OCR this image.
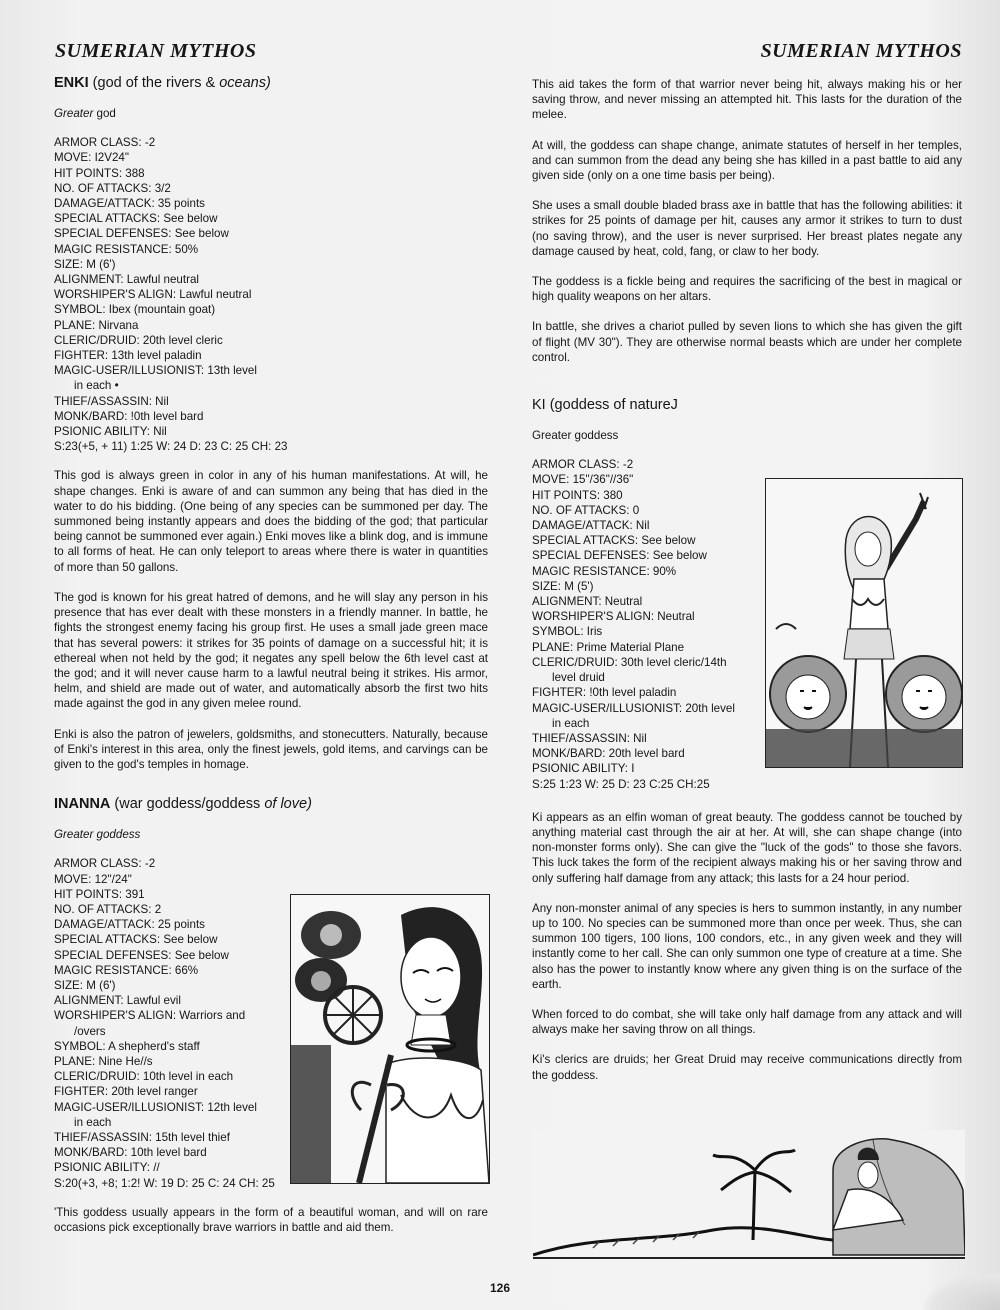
SUMERIAN MYTHOS	SUMERIAN MYTHOS
ENKI (god of the rivers & oceans)
Greater god
ARMOR CLASS: -2
MOVE: I2V24"
HIT POINTS: 388
NO. OF ATTACKS: 3/2
DAMAGE/ATTACK: 35 points
SPECIAL ATTACKS: See below
SPECIAL DEFENSES: See below
MAGIC RESISTANCE: 50%
SIZE: M (6')
ALIGNMENT: Lawful neutral
WORSHIPER'S ALIGN: Lawful neutral
SYMBOL: Ibex (mountain goat)
PLANE: Nirvana
CLERIC/DRUID: 20th level cleric
FIGHTER: 13th level paladin
MAGIC-USER/ILLUSIONIST: 13th level
in each •
THIEF/ASSASSIN: Nil
MONK/BARD: !0th level bard
PSIONIC ABILITY: Nil
S:23(+5, + 11) 1:25 W: 24 D: 23 C: 25 CH: 23

This god is always green in color in any of his human manifestations. At will, he shape changes. Enki is aware of and can summon any being that has died in the water to do his bidding. (One being of any species can be summoned per day. The summoned being instantly appears and does the bidding of the god; that particular being cannot be summoned ever again.) Enki moves like a blink dog, and is immune to all forms of heat. He can only teleport to areas where there is water in quantities of more than 50 gallons.

The god is known for his great hatred of demons, and he will slay any person in his presence that has ever dealt with these monsters in a friendly manner. In battle, he fights the strongest enemy facing his group first. He uses a small jade green mace that has several powers: it strikes for 35 points of damage on a successful hit; it is ethereal when not held by the god; it negates any spell below the 6th level cast at the god; and it will never cause harm to a lawful neutral being it strikes. His armor, helm, and shield are made out of water, and automatically absorb the first two hits made against the god in any given melee round.

Enki is also the patron of jewelers, goldsmiths, and stonecutters. Naturally, because of Enki's interest in this area, only the finest jewels, gold items, and carvings can be given to the god's temples in homage.

INANNA (war goddess/goddess of love)
Greater goddess
ARMOR CLASS: -2
MOVE: 12"/24"
HIT POINTS: 391
NO. OF ATTACKS: 2
DAMAGE/ATTACK: 25 points
SPECIAL ATTACKS: See below
SPECIAL DEFENSES: See below
MAGIC RESISTANCE: 66%
SIZE: M (6')
ALIGNMENT: Lawful evil
WORSHIPER'S ALIGN: Warriors and
/overs
SYMBOL: A shepherd's staff
PLANE: Nine He//s
CLERIC/DRUID: 10th level in each
FIGHTER: 20th level ranger
MAGIC-USER/ILLUSIONIST: 12th level
in each
THIEF/ASSASSIN: 15th level thief
MONK/BARD: 10th level bard
PSIONIC ABILITY: //
S:20(+3, +8; 1:2! W: 19 D: 25 C: 24 CH: 25

'This goddess usually appears in the form of a beautiful woman, and will on rare occasions pick exceptionally brave warriors in battle and aid them.

This aid takes the form of that warrior never being hit, always making his or her saving throw, and never missing an attempted hit. This lasts for the duration of the melee.

At will, the goddess can shape change, animate statutes of herself in her temples, and can summon from the dead any being she has killed in a past battle to aid any given side (only on a one time basis per being).

She uses a small double bladed brass axe in battle that has the following abilities: it strikes for 25 points of damage per hit, causes any armor it strikes to turn to dust (no saving throw), and the user is never surprised. Her breast plates negate any damage caused by heat, cold, fang, or claw to her body.

The goddess is a fickle being and requires the sacrificing of the best in magical or high quality weapons on her altars.

In battle, she drives a chariot pulled by seven lions to which she has given the gift of flight (MV 30"). They are otherwise normal beasts which are under her complete control.

KI (goddess of natureJ
Greater goddess
ARMOR CLASS: -2
MOVE: 15"/36"//36"
HIT POINTS: 380
NO. OF ATTACKS: 0
DAMAGE/ATTACK: Nil
SPECIAL ATTACKS: See below
SPECIAL DEFENSES: See below
MAGIC RESISTANCE: 90%
SIZE: M (5')
ALIGNMENT: Neutral
WORSHIPER'S ALIGN: Neutral
SYMBOL: Iris
PLANE: Prime Material Plane
CLERIC/DRUID: 30th level cleric/14th
level druid
FIGHTER: !0th level paladin
MAGIC-USER/ILLUSIONIST: 20th level
in each
THIEF/ASSASSIN: Nil
MONK/BARD: 20th level bard
PSIONIC ABILITY: I
S:25 1:23 W: 25 D: 23 C:25 CH:25

Ki appears as an elfin woman of great beauty. The goddess cannot be touched by anything material cast through the air at her. At will, she can shape change (into non-monster forms only). She can give the "luck of the gods" to those she favors. This luck takes the form of the recipient always making his or her saving throw and only suffering half damage from any attack; this lasts for a 24 hour period.

Any non-monster animal of any species is hers to summon instantly, in any number up to 100. No species can be summoned more than once per week. Thus, she can summon 100 tigers, 100 lions, 100 condors, etc., in any given week and they will instantly come to her call. She can only summon one type of creature at a time. She also has the power to instantly know where any given thing is on the surface of the earth.

When forced to do combat, she will take only half damage from any attack and will always make her saving throw on all things.

Ki's clerics are druids; her Great Druid may receive communications directly from the goddess.

126
